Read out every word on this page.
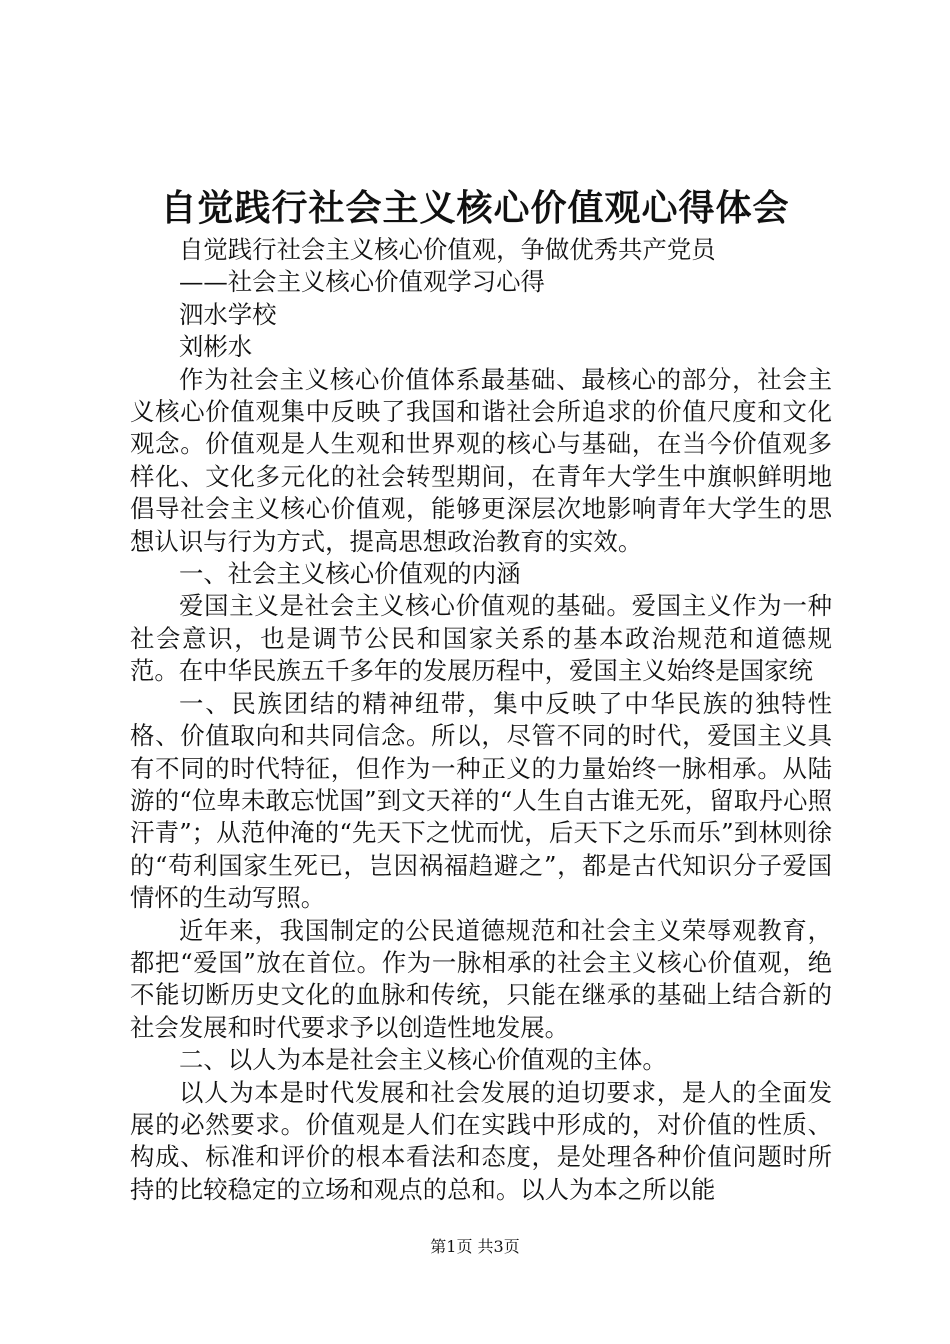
自觉践行社会主义核心价值观心得体会

自觉践行社会主义核心价值观，争做优秀共产党员

——社会主义核心价值观学习心得

泗水学校

刘彬水

作为社会主义核心价值体系最基础、最核心的部分，社会主义核心价值观集中反映了我国和谐社会所追求的价值尺度和文化观念。价值观是人生观和世界观的核心与基础，在当今价值观多样化、文化多元化的社会转型期间，在青年大学生中旗帜鲜明地倡导社会主义核心价值观，能够更深层次地影响青年大学生的思想认识与行为方式，提高思想政治教育的实效。

一、社会主义核心价值观的内涵

爱国主义是社会主义核心价值观的基础。爱国主义作为一种社会意识，也是调节公民和国家关系的基本政治规范和道德规范。在中华民族五千多年的发展历程中，爱国主义始终是国家统

一、民族团结的精神纽带，集中反映了中华民族的独特性格、价值取向和共同信念。所以，尽管不同的时代，爱国主义具有不同的时代特征，但作为一种正义的力量始终一脉相承。从陆游的“位卑未敢忘忧国”到文天祥的“人生自古谁无死，留取丹心照汗青”；从范仲淹的“先天下之忧而忧，后天下之乐而乐”到林则徐的“苟利国家生死已，岂因祸福趋避之”，都是古代知识分子爱国情怀的生动写照。

近年来，我国制定的公民道德规范和社会主义荣辱观教育，都把“爱国”放在首位。作为一脉相承的社会主义核心价值观，绝不能切断历史文化的血脉和传统，只能在继承的基础上结合新的社会发展和时代要求予以创造性地发展。

二、以人为本是社会主义核心价值观的主体。

以人为本是时代发展和社会发展的迫切要求，是人的全面发展的必然要求。价值观是人们在实践中形成的，对价值的性质、构成、标准和评价的根本看法和态度，是处理各种价值问题时所持的比较稳定的立场和观点的总和。以人为本之所以能

第1页 共3页
